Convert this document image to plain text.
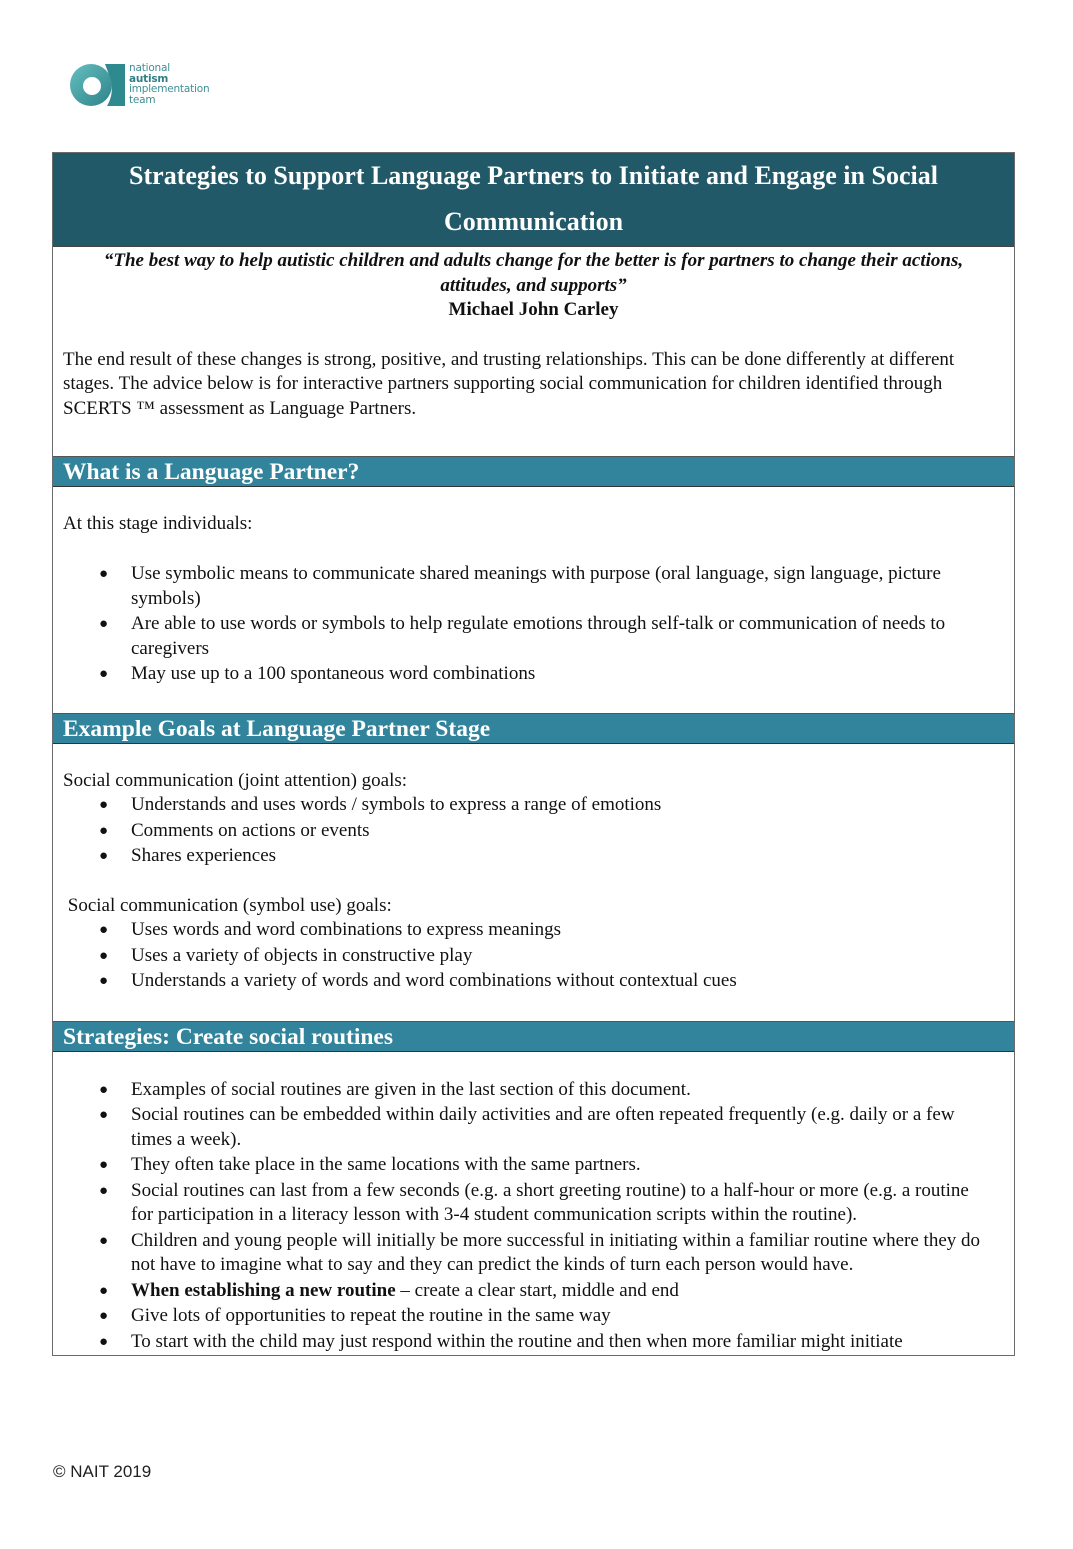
national
autism
implementation
team
Strategies to Support Language Partners to Initiate and Engage in Social Communication
“The best way to help autistic children and adults change for the better is for partners to change their actions, attitudes, and supports”
Michael John Carley
The end result of these changes is strong, positive, and trusting relationships. This can be done differently at different stages. The advice below is for interactive partners supporting social communication for children identified through SCERTS ™ assessment as Language Partners.
What is a Language Partner?
At this stage individuals:
● Use symbolic means to communicate shared meanings with purpose (oral language, sign language, picture symbols)
● Are able to use words or symbols to help regulate emotions through self-talk or communication of needs to caregivers
● May use up to a 100 spontaneous word combinations
Example Goals at Language Partner Stage
Social communication (joint attention) goals:
● Understands and uses words / symbols to express a range of emotions
● Comments on actions or events
● Shares experiences
Social communication (symbol use) goals:
● Uses words and word combinations to express meanings
● Uses a variety of objects in constructive play
● Understands a variety of words and word combinations without contextual cues
Strategies: Create social routines
● Examples of social routines are given in the last section of this document.
● Social routines can be embedded within daily activities and are often repeated frequently (e.g. daily or a few times a week).
● They often take place in the same locations with the same partners.
● Social routines can last from a few seconds (e.g. a short greeting routine) to a half-hour or more (e.g. a routine for participation in a literacy lesson with 3-4 student communication scripts within the routine).
● Children and young people will initially be more successful in initiating within a familiar routine where they do not have to imagine what to say and they can predict the kinds of turn each person would have.
● When establishing a new routine – create a clear start, middle and end
● Give lots of opportunities to repeat the routine in the same way
● To start with the child may just respond within the routine and then when more familiar might initiate
© NAIT 2019
